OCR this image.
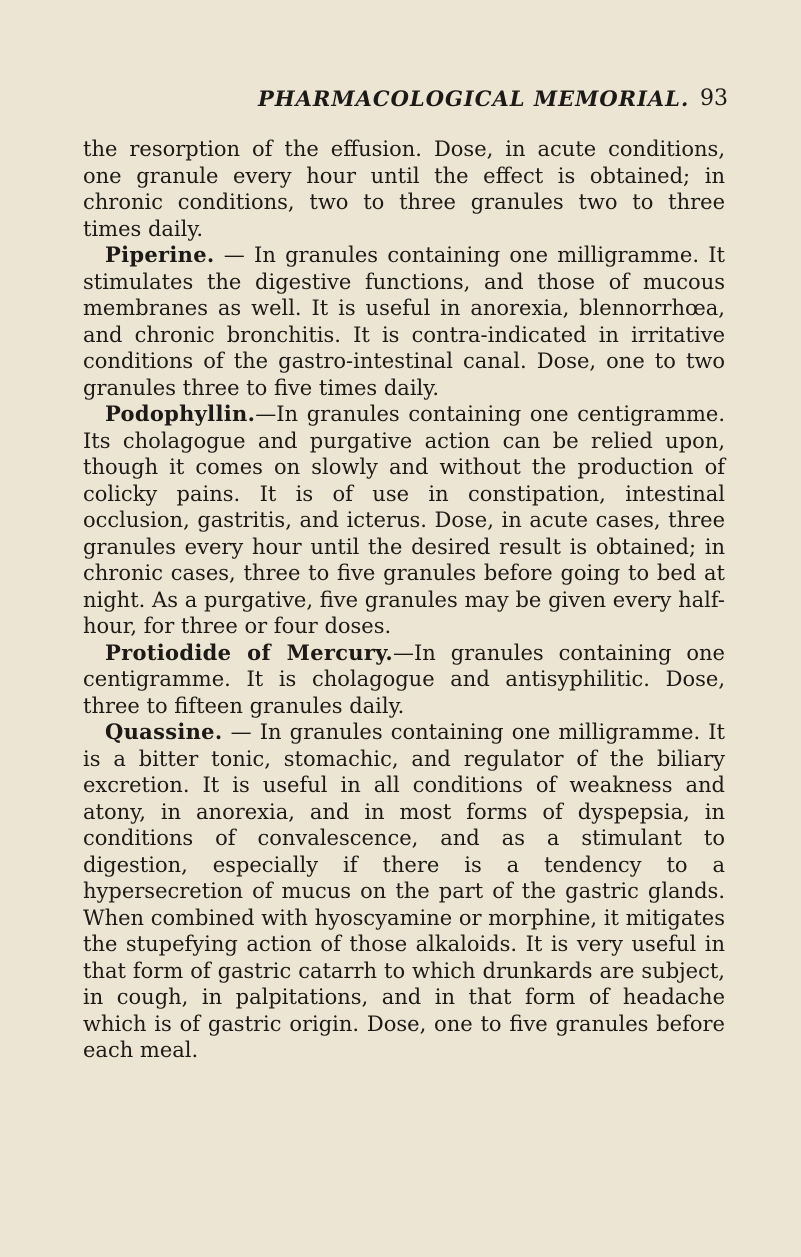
PHARMACOLOGICAL MEMORIAL. 93

the resorption of the effusion. Dose, in acute conditions, one granule every hour until the effect is obtained; in chronic conditions, two to three granules two to three times daily.

Piperine. — In granules containing one milligramme. It stimulates the digestive functions, and those of mucous membranes as well. It is useful in anorexia, blennorrhœa, and chronic bronchitis. It is contra-indicated in irritative conditions of the gastro-intestinal canal. Dose, one to two granules three to five times daily.

Podophyllin.—In granules containing one centigramme. Its cholagogue and purgative action can be relied upon, though it comes on slowly and without the production of colicky pains. It is of use in constipation, intestinal occlusion, gastritis, and icterus. Dose, in acute cases, three granules every hour until the desired result is obtained; in chronic cases, three to five granules before going to bed at night. As a purgative, five granules may be given every half-hour, for three or four doses.

Protiodide of Mercury.—In granules containing one centigramme. It is cholagogue and antisyphilitic. Dose, three to fifteen granules daily.

Quassine. — In granules containing one milligramme. It is a bitter tonic, stomachic, and regulator of the biliary excretion. It is useful in all conditions of weakness and atony, in anorexia, and in most forms of dyspepsia, in conditions of convalescence, and as a stimulant to digestion, especially if there is a tendency to a hypersecretion of mucus on the part of the gastric glands. When combined with hyoscyamine or morphine, it mitigates the stupefying action of those alkaloids. It is very useful in that form of gastric catarrh to which drunkards are subject, in cough, in palpitations, and in that form of headache which is of gastric origin. Dose, one to five granules before each meal.
